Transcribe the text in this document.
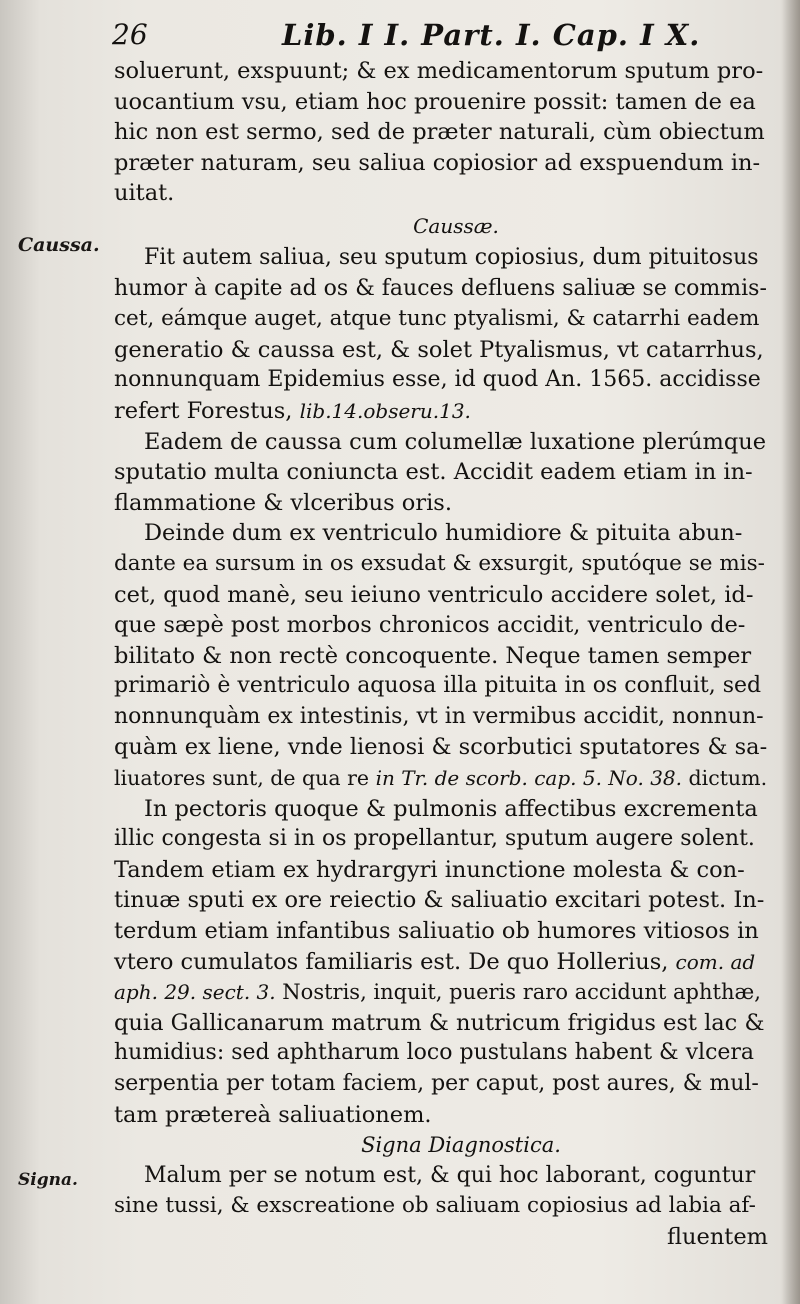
26	Lib. I I. Part. I. Cap. I X.
Caussa.
Signa.
soluerunt, exspuunt; & ex medicamentorum sputum pro-
uocantium vsu, etiam hoc prouenire possit: tamen de ea
hic non est sermo, sed de præter naturali, cùm obiectum
præter naturam, seu saliua copiosior ad exspuendum in-
uitat.
Caussæ.
Fit autem saliua, seu sputum copiosius, dum pituitosus
humor à capite ad os & fauces defluens saliuæ se commis-
cet, eámque auget, atque tunc ptyalismi, & catarrhi eadem
generatio & caussa est, & solet Ptyalismus, vt catarrhus,
nonnunquam Epidemius esse, id quod An. 1565. accidisse
refert Forestus, lib.14.obseru.13.
Eadem de caussa cum columellæ luxatione plerúmque
sputatio multa coniuncta est. Accidit eadem etiam in in-
flammatione & vlceribus oris.
Deinde dum ex ventriculo humidiore & pituita abun-
dante ea sursum in os exsudat & exsurgit, sputóque se mis-
cet, quod manè, seu ieiuno ventriculo accidere solet, id-
que sæpè post morbos chronicos accidit, ventriculo de-
bilitato & non rectè concoquente. Neque tamen semper
primariò è ventriculo aquosa illa pituita in os confluit, sed
nonnunquàm ex intestinis, vt in vermibus accidit, nonnun-
quàm ex liene, vnde lienosi & scorbutici sputatores & sa-
liuatores sunt, de qua re in Tr. de scorb. cap. 5. No. 38. dictum.
In pectoris quoque & pulmonis affectibus excrementa
illic congesta si in os propellantur, sputum augere solent.
Tandem etiam ex hydrargyri inunctione molesta & con-
tinuæ sputi ex ore reiectio & saliuatio excitari potest. In-
terdum etiam infantibus saliuatio ob humores vitiosos in
vtero cumulatos familiaris est. De quo Hollerius, com. ad
aph. 29. sect. 3. Nostris, inquit, pueris raro accidunt aphthæ,
quia Gallicanarum matrum & nutricum frigidus est lac &
humidius: sed aphtharum loco pustulans habent & vlcera
serpentia per totam faciem, per caput, post aures, & mul-
tam prætereà saliuationem.
Signa Diagnostica.
Malum per se notum est, & qui hoc laborant, coguntur
sine tussi, & exscreatione ob saliuam copiosius ad labia af-
fluentem
